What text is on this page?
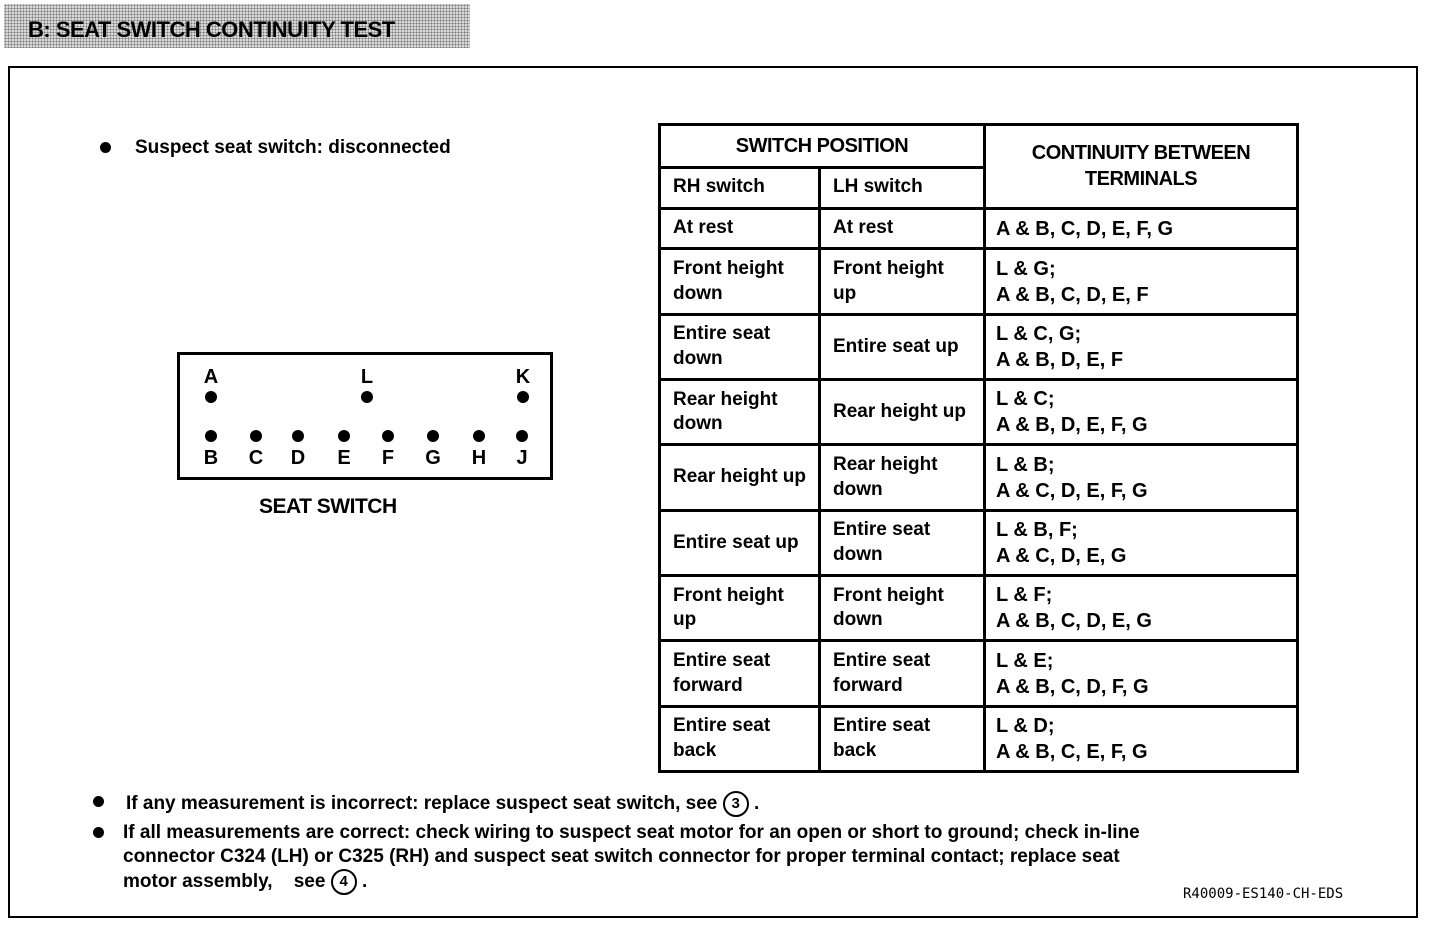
B: SEAT SWITCH CONTINUITY TEST
Suspect seat switch: disconnected
A	L	K
B C D E F G H J
SEAT SWITCH
SWITCH POSITION		CONTINUITY BETWEEN TERMINALS
RH switch	LH switch	
At rest	At rest	A & B, C, D, E, F, G

Front height down	Front height up	L & G;
A & B, C, D, E, F

Entire seat down	Entire seat up	L & C, G;
A & B, D, E, F

Rear height down	Rear height up	L & C;
A & B, D, E, F, G

Rear height up	Rear height down	L & B;
A & C, D, E, F, G

Entire seat up	Entire seat down	L & B, F;
A & C, D, E, G

Front height up	Front height down	L & F;
A & B, C, D, E, G

Entire seat forward	Entire seat forward	L & E;
A & B, C, D, F, G

Entire seat back	Entire seat back	L & D;
A & B, C, E, F, G
If any measurement is incorrect: replace suspect seat switch, see 3 .
If all measurements are correct: check wiring to suspect seat motor for an open or short to ground; check in-line
connector C324 (LH) or C325 (RH) and suspect seat switch connector for proper terminal contact; replace seat
motor assembly,    see 4 .
R40009-ES140-CH-EDS
